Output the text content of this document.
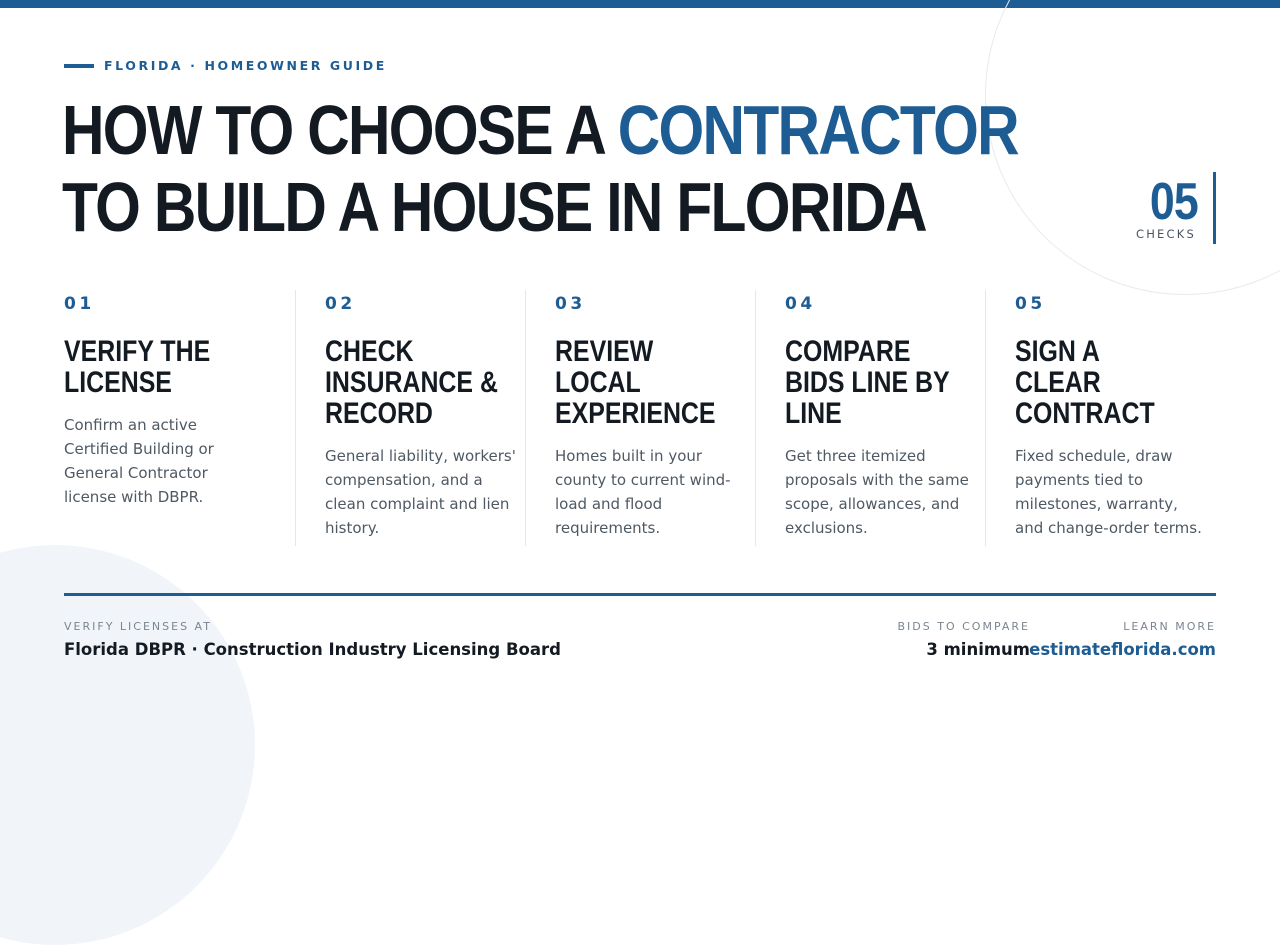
FLORIDA · HOMEOWNER GUIDE
HOW TO CHOOSE A CONTRACTOR
TO BUILD A HOUSE IN FLORIDA	05
CHECKS
01
VERIFY THE LICENSE
Confirm an active Certified Building or General Contractor license with DBPR.
02
CHECK INSURANCE & RECORD
General liability, workers' compensation, and a clean complaint and lien history.
03
REVIEW LOCAL EXPERIENCE
Homes built in your county to current wind-load and flood requirements.
04
COMPARE BIDS LINE BY LINE
Get three itemized proposals with the same scope, allowances, and exclusions.
05
SIGN A CLEAR CONTRACT
Fixed schedule, draw payments tied to milestones, warranty, and change-order terms.
VERIFY LICENSES AT
Florida DBPR · Construction Industry Licensing Board
BIDS TO COMPARE
3 minimum
LEARN MORE
estimateflorida.com
